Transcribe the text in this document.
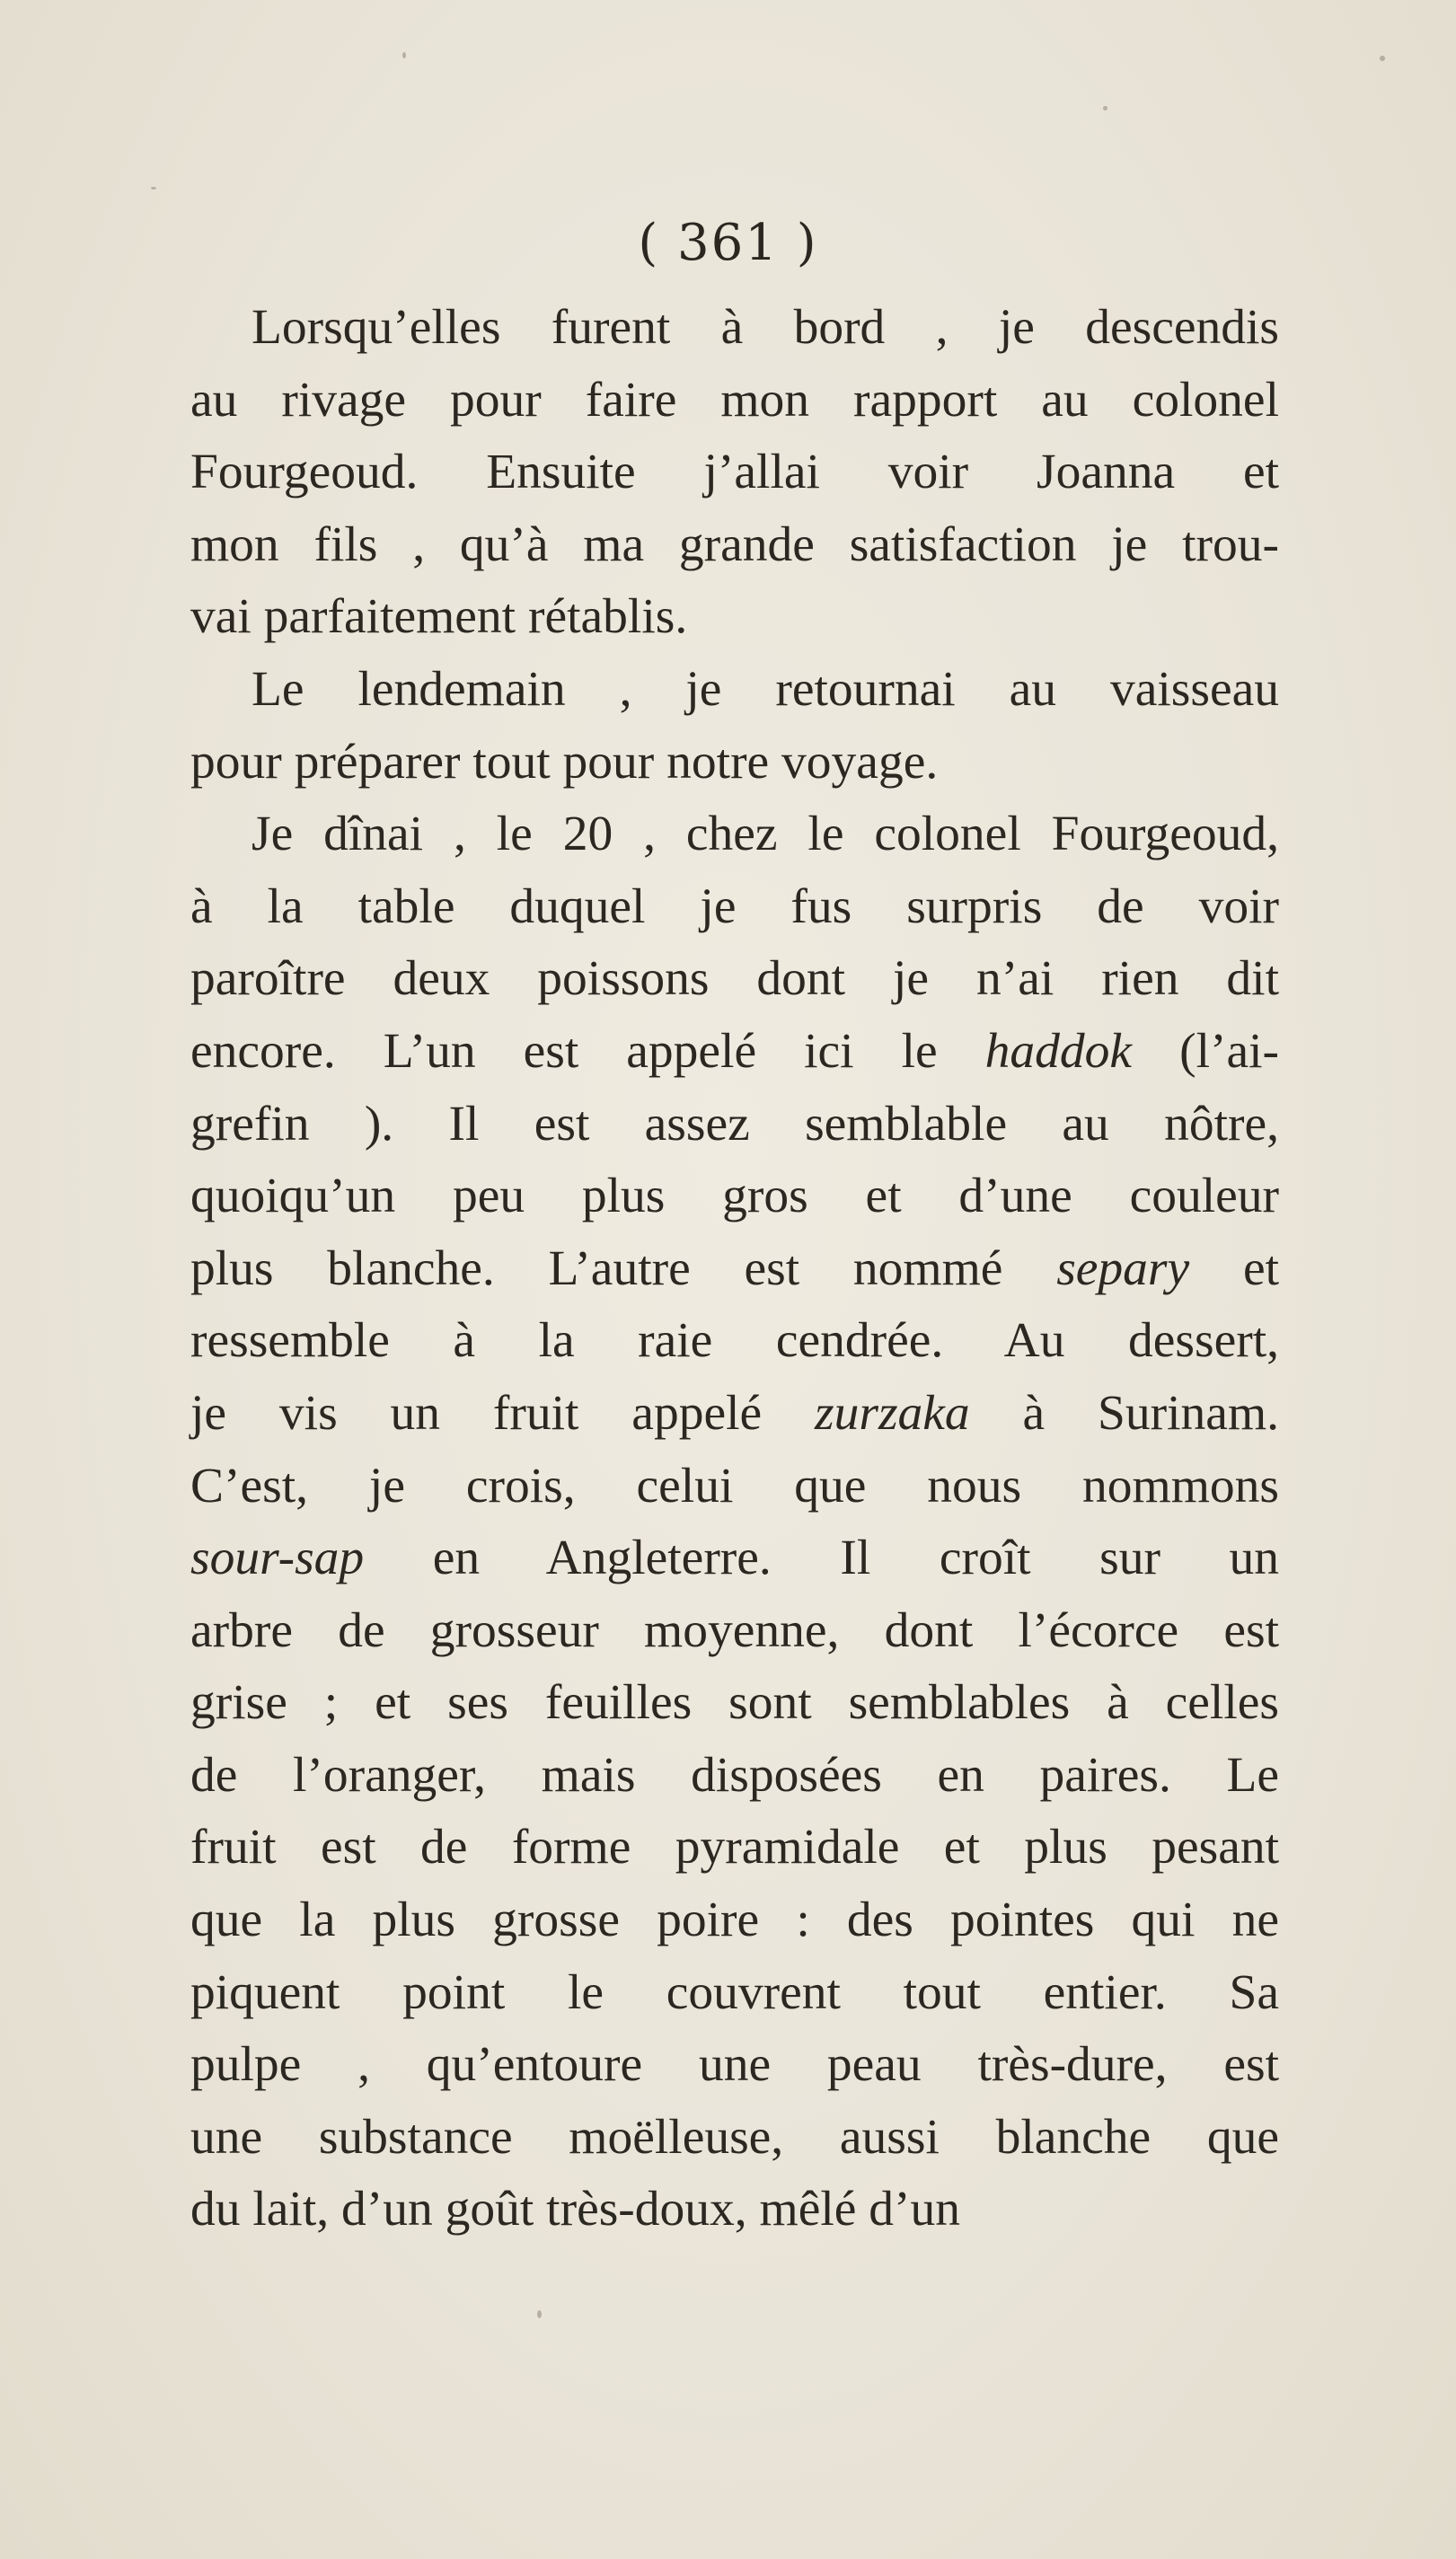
( 361 )
Lorsqu’elles furent à bord , je descendis
au rivage pour faire mon rapport au colonel
Fourgeoud. Ensuite j’allai voir Joanna et
mon fils , qu’à ma grande satisfaction je trou-
vai parfaitement rétablis.
Le lendemain , je retournai au vaisseau
pour préparer tout pour notre voyage.
Je dînai , le 20 , chez le colonel Fourgeoud,
à la table duquel je fus surpris de voir
paroître deux poissons dont je n’ai rien dit
encore. L’un est appelé ici le haddok (l’ai-
grefin ). Il est assez semblable au nôtre,
quoiqu’un peu plus gros et d’une couleur
plus blanche. L’autre est nommé separy et
ressemble à la raie cendrée. Au dessert,
je vis un fruit appelé zurzaka à Surinam.
C’est, je crois, celui que nous nommons
sour-sap en Angleterre. Il croît sur un
arbre de grosseur moyenne, dont l’écorce est
grise ; et ses feuilles sont semblables à celles
de l’oranger, mais disposées en paires. Le
fruit est de forme pyramidale et plus pesant
que la plus grosse poire : des pointes qui ne
piquent point le couvrent tout entier. Sa
pulpe , qu’entoure une peau très-dure, est
une substance moëlleuse, aussi blanche que
du lait, d’un goût très-doux, mêlé d’un
